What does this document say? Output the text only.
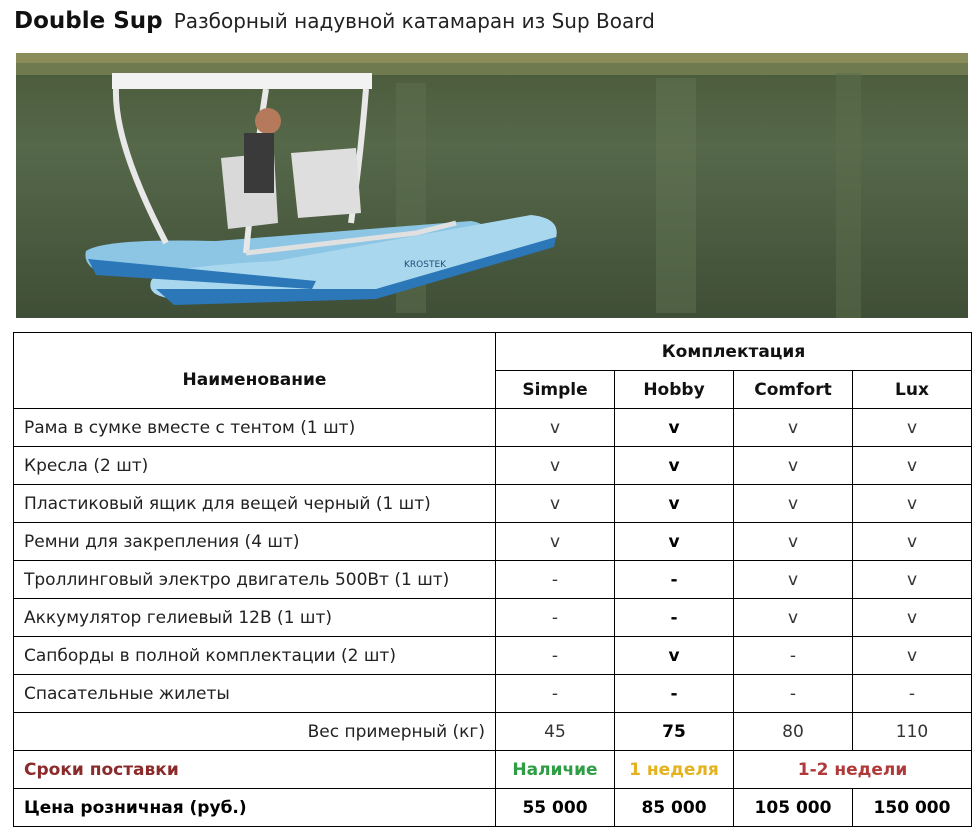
Double Sup Разборный надувной катамаран из Sup Board
KROSTEK
Наименование	Комплектация			
	Simple	Hobby	Comfort	Lux
Рама в сумке вместе с тентом (1 шт)	v	v	v	v
Кресла (2 шт)	v	v	v	v
Пластиковый ящик для вещей черный (1 шт)	v	v	v	v
Ремни для закрепления (4 шт)	v	v	v	v
Троллинговый электро двигатель 500Вт (1 шт)	-	-	v	v
Аккумулятор гелиевый 12В (1 шт)	-	-	v	v
Сапборды в полной комплектации (2 шт)	-	v	-	v
Спасательные жилеты	-	-	-	-
Вес примерный (кг)	45	75	80	110
Сроки поставки	Наличие	1 неделя	1-2 недели	
Цена розничная (руб.)	55 000	85 000	105 000	150 000
